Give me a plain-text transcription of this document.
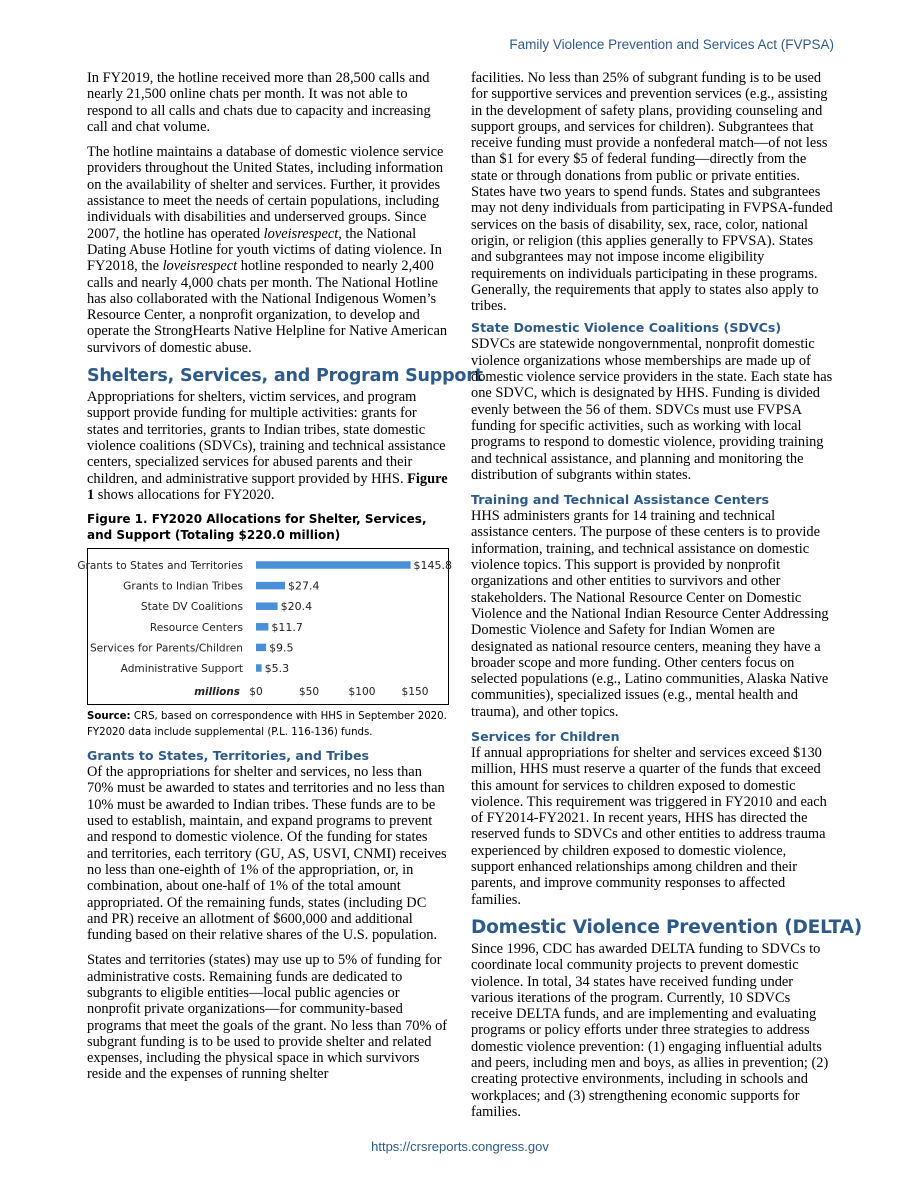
Family Violence Prevention and Services Act (FVPSA)

In FY2019, the hotline received more than 28,500 calls and nearly 21,500 online chats per month. It was not able to respond to all calls and chats due to capacity and increasing call and chat volume.

The hotline maintains a database of domestic violence service providers throughout the United States, including information on the availability of shelter and services. Further, it provides assistance to meet the needs of certain populations, including individuals with disabilities and underserved groups. Since 2007, the hotline has operated loveisrespect, the National Dating Abuse Hotline for youth victims of dating violence. In FY2018, the loveisrespect hotline responded to nearly 2,400 calls and nearly 4,000 chats per month. The National Hotline has also collaborated with the National Indigenous Women’s Resource Center, a nonprofit organization, to develop and operate the StrongHearts Native Helpline for Native American survivors of domestic abuse.

Shelters, Services, and Program Support

Appropriations for shelters, victim services, and program support provide funding for multiple activities: grants for states and territories, grants to Indian tribes, state domestic violence coalitions (SDVCs), training and technical assistance centers, specialized services for abused parents and their children, and administrative support provided by HHS. Figure 1 shows allocations for FY2020.

Figure 1. FY2020 Allocations for Shelter, Services, and Support (Totaling $220.0 million)
Grants to States and Territories	$145.8
Grants to Indian Tribes	$27.4
State DV Coalitions	$20.4
Resource Centers	$11.7
Services for Parents/Children $9.5
Administrative Support $5.3
$0	$50	$100 $150
millions
Source: CRS, based on correspondence with HHS in September 2020. FY2020 data include supplemental (P.L. 116-136) funds.
Grants to States, Territories, and Tribes

Of the appropriations for shelter and services, no less than 70% must be awarded to states and territories and no less than 10% must be awarded to Indian tribes. These funds are to be used to establish, maintain, and expand programs to prevent and respond to domestic violence. Of the funding for states and territories, each territory (GU, AS, USVI, CNMI) receives no less than one-eighth of 1% of the appropriation, or, in combination, about one-half of 1% of the total amount appropriated. Of the remaining funds, states (including DC and PR) receive an allotment of $600,000 and additional funding based on their relative shares of the U.S. population.

States and territories (states) may use up to 5% of funding for administrative costs. Remaining funds are dedicated to subgrants to eligible entities—local public agencies or nonprofit private organizations—for community-based programs that meet the goals of the grant. No less than 70% of subgrant funding is to be used to provide shelter and related expenses, including the physical space in which survivors reside and the expenses of running shelter

facilities. No less than 25% of subgrant funding is to be used for supportive services and prevention services (e.g., assisting in the development of safety plans, providing counseling and support groups, and services for children). Subgrantees that receive funding must provide a nonfederal match—of not less than $1 for every $5 of federal funding—directly from the state or through donations from public or private entities. States have two years to spend funds. States and subgrantees may not deny individuals from participating in FVPSA-funded services on the basis of disability, sex, race, color, national origin, or religion (this applies generally to FPVSA). States and subgrantees may not impose income eligibility requirements on individuals participating in these programs. Generally, the requirements that apply to states also apply to tribes.

State Domestic Violence Coalitions (SDVCs)

SDVCs are statewide nongovernmental, nonprofit domestic violence organizations whose memberships are made up of domestic violence service providers in the state. Each state has one SDVC, which is designated by HHS. Funding is divided evenly between the 56 of them. SDVCs must use FVPSA funding for specific activities, such as working with local programs to respond to domestic violence, providing training and technical assistance, and planning and monitoring the distribution of subgrants within states.

Training and Technical Assistance Centers

HHS administers grants for 14 training and technical assistance centers. The purpose of these centers is to provide information, training, and technical assistance on domestic violence topics. This support is provided by nonprofit organizations and other entities to survivors and other stakeholders. The National Resource Center on Domestic Violence and the National Indian Resource Center Addressing Domestic Violence and Safety for Indian Women are designated as national resource centers, meaning they have a broader scope and more funding. Other centers focus on selected populations (e.g., Latino communities, Alaska Native communities), specialized issues (e.g., mental health and trauma), and other topics.

Services for Children

If annual appropriations for shelter and services exceed $130 million, HHS must reserve a quarter of the funds that exceed this amount for services to children exposed to domestic violence. This requirement was triggered in FY2010 and each of FY2014-FY2021. In recent years, HHS has directed the reserved funds to SDVCs and other entities to address trauma experienced by children exposed to domestic violence, support enhanced relationships among children and their parents, and improve community responses to affected families.

Domestic Violence Prevention (DELTA)

Since 1996, CDC has awarded DELTA funding to SDVCs to coordinate local community projects to prevent domestic violence. In total, 34 states have received funding under various iterations of the program. Currently, 10 SDVCs receive DELTA funds, and are implementing and evaluating programs or policy efforts under three strategies to address domestic violence prevention: (1) engaging influential adults and peers, including men and boys, as allies in prevention; (2) creating protective environments, including in schools and workplaces; and (3) strengthening economic supports for families.

https://crsreports.congress.gov
